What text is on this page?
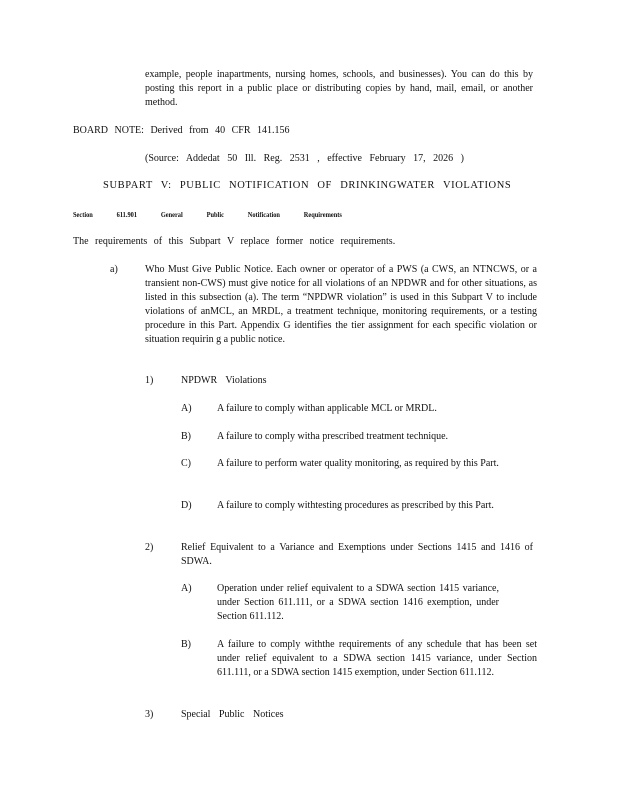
example, people inapartments, nursing homes, schools, and businesses). You can do this by posting this report in a public place or distributing copies by hand, mail, email, or another method.
BOARD NOTE: Derived from 40 CFR 141.156
(Source: Addedat 50 Ill. Reg. 2531 , effective February 17, 2026 )
SUBPART V: PUBLIC NOTIFICATION OF DRINKINGWATER VIOLATIONS
Section	611.901	General	Public	Notification	Requirements
The requirements of this Subpart V replace former notice requirements.
a)	Who Must Give Public Notice. Each owner or operator of a PWS (a CWS, an NTNCWS, or a transient non-CWS) must give notice for all violations of an NPDWR and for other situations, as listed in this subsection (a). The term “NPDWR violation” is used in this Subpart V to include violations of anMCL, an MRDL, a treatment technique, monitoring requirements, or a testing procedure in this Part. Appendix G identifies the tier assignment for each specific violation or situation requirin g a public notice.
1)	NPDWR Violations
A)	A failure to comply withan applicable MCL or MRDL.
B)	A failure to comply witha prescribed treatment technique.
C)	A failure to perform water quality monitoring, as required by this Part.
D)	A failure to comply withtesting procedures as prescribed by this Part.
2)	Relief Equivalent to a Variance and Exemptions under Sections 1415 and 1416 of SDWA.
A)	Operation under relief equivalent to a SDWA section 1415 variance, under Section 611.111, or a SDWA section 1416 exemption, under Section 611.112.
B)	A failure to comply withthe requirements of any schedule that has been set under relief equivalent to a SDWA section 1415 variance, under Section 611.111, or a SDWA section 1415 exemption, under Section 611.112.
3)	Special Public Notices
